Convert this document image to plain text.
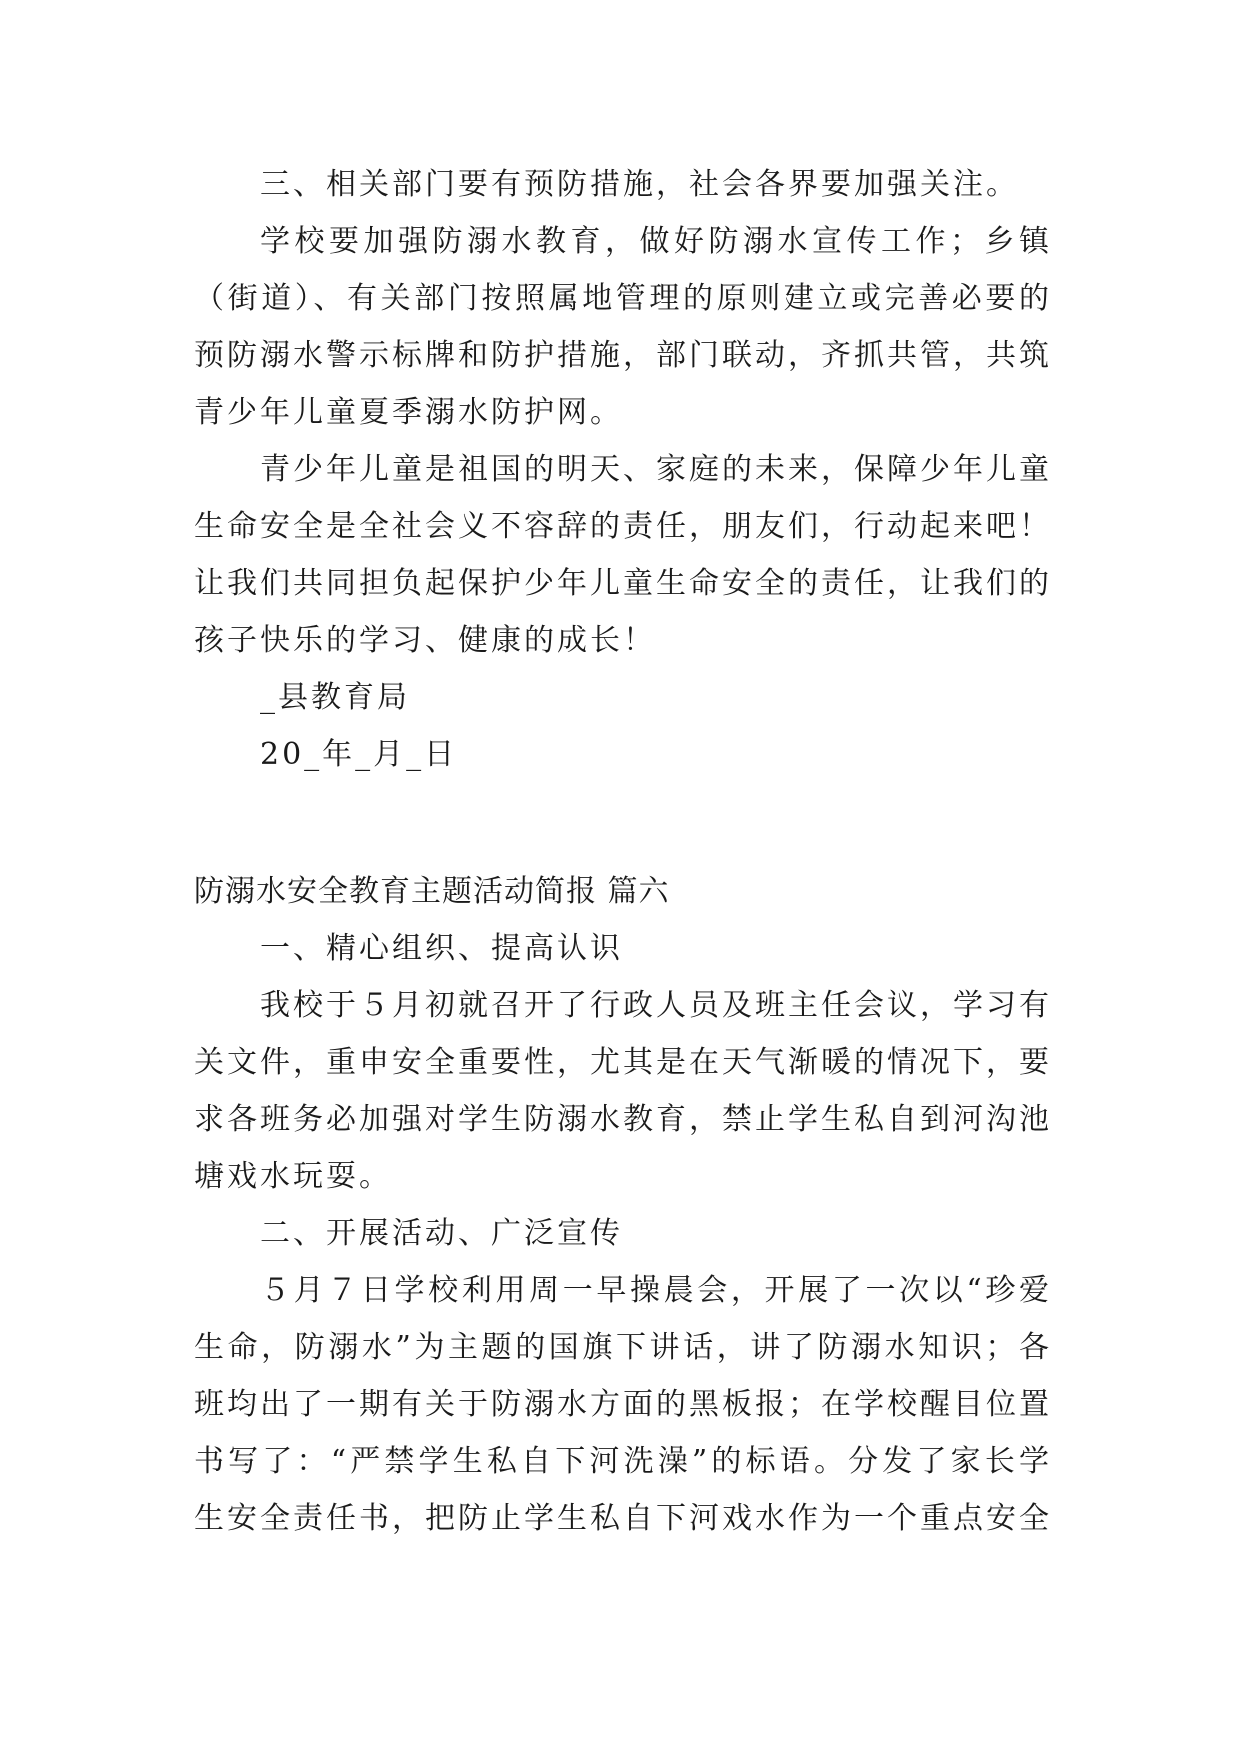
三、相关部门要有预防措施，社会各界要加强关注。

学校要加强防溺水教育，做好防溺水宣传工作；乡镇（街道）、有关部门按照属地管理的原则建立或完善必要的预防溺水警示标牌和防护措施，部门联动，齐抓共管，共筑青少年儿童夏季溺水防护网。

青少年儿童是祖国的明天、家庭的未来，保障少年儿童生命安全是全社会义不容辞的责任，朋友们，行动起来吧！让我们共同担负起保护少年儿童生命安全的责任，让我们的孩子快乐的学习、健康的成长！

_县教育局

20_年_月_日

防溺水安全教育主题活动简报 篇六

一、精心组织、提高认识

我校于５月初就召开了行政人员及班主任会议，学习有关文件，重申安全重要性，尤其是在天气渐暖的情况下，要求各班务必加强对学生防溺水教育，禁止学生私自到河沟池塘戏水玩耍。

二、开展活动、广泛宣传

５月７日学校利用周一早操晨会，开展了一次以“珍爱生命，防溺水”为主题的国旗下讲话，讲了防溺水知识；各班均出了一期有关于防溺水方面的黑板报；在学校醒目位置书写了：“严禁学生私自下河洗澡”的标语。分发了家长学生安全责任书，把防止学生私自下河戏水作为一个重点安全
